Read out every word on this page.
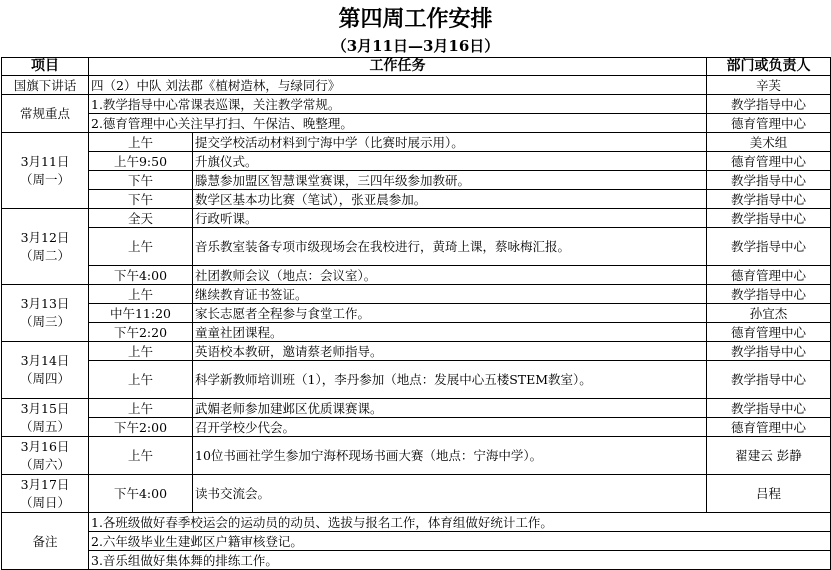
第四周工作安排
（3月11日—3月16日）
项目	工作任务		部门或负责人
国旗下讲话	四（2）中队 刘法郡《植树造林，与绿同行》		辛芙
常规重点	1.教学指导中心常课表巡课，关注教学常规。		教学指导中心
	2.德育管理中心关注早打扫、午保洁、晚整理。		德育管理中心
3月11日
（周一）	上午	提交学校活动材料到宁海中学（比赛时展示用）。	美术组
	上午9:50	升旗仪式。	德育管理中心
	下午	滕慧参加盟区智慧课堂赛课，三四年级参加教研。	教学指导中心
	下午	数学区基本功比赛（笔试），张亚晨参加。	教学指导中心
3月12日
（周二）	全天	行政听课。	教学指导中心
	上午	音乐教室装备专项市级现场会在我校进行，黄琦上课，蔡咏梅汇报。	教学指导中心
	下午4:00	社团教师会议（地点：会议室）。	德育管理中心
3月13日
（周三）	上午	继续教育证书签证。	教学指导中心
	中午11:20	家长志愿者全程参与食堂工作。	孙宜杰
	下午2:20	童童社团课程。	德育管理中心
3月14日
（周四）	上午	英语校本教研，邀请蔡老师指导。	教学指导中心
	上午	科学新教师培训班（1），李丹参加（地点：发展中心五楼STEM教室）。	教学指导中心
3月15日
（周五）	上午	武媚老师参加建邺区优质课赛课。	教学指导中心
	下午2:00	召开学校少代会。	德育管理中心
3月16日
（周六）	上午	10位书画社学生参加宁海杯现场书画大赛（地点：宁海中学）。	翟建云 彭静
3月17日
（周日）	下午4:00	读书交流会。	吕程
备注	1.各班级做好春季校运会的运动员的动员、选拔与报名工作，体育组做好统计工作。		
	2.六年级毕业生建邺区户籍审核登记。		
	3.音乐组做好集体舞的排练工作。		
